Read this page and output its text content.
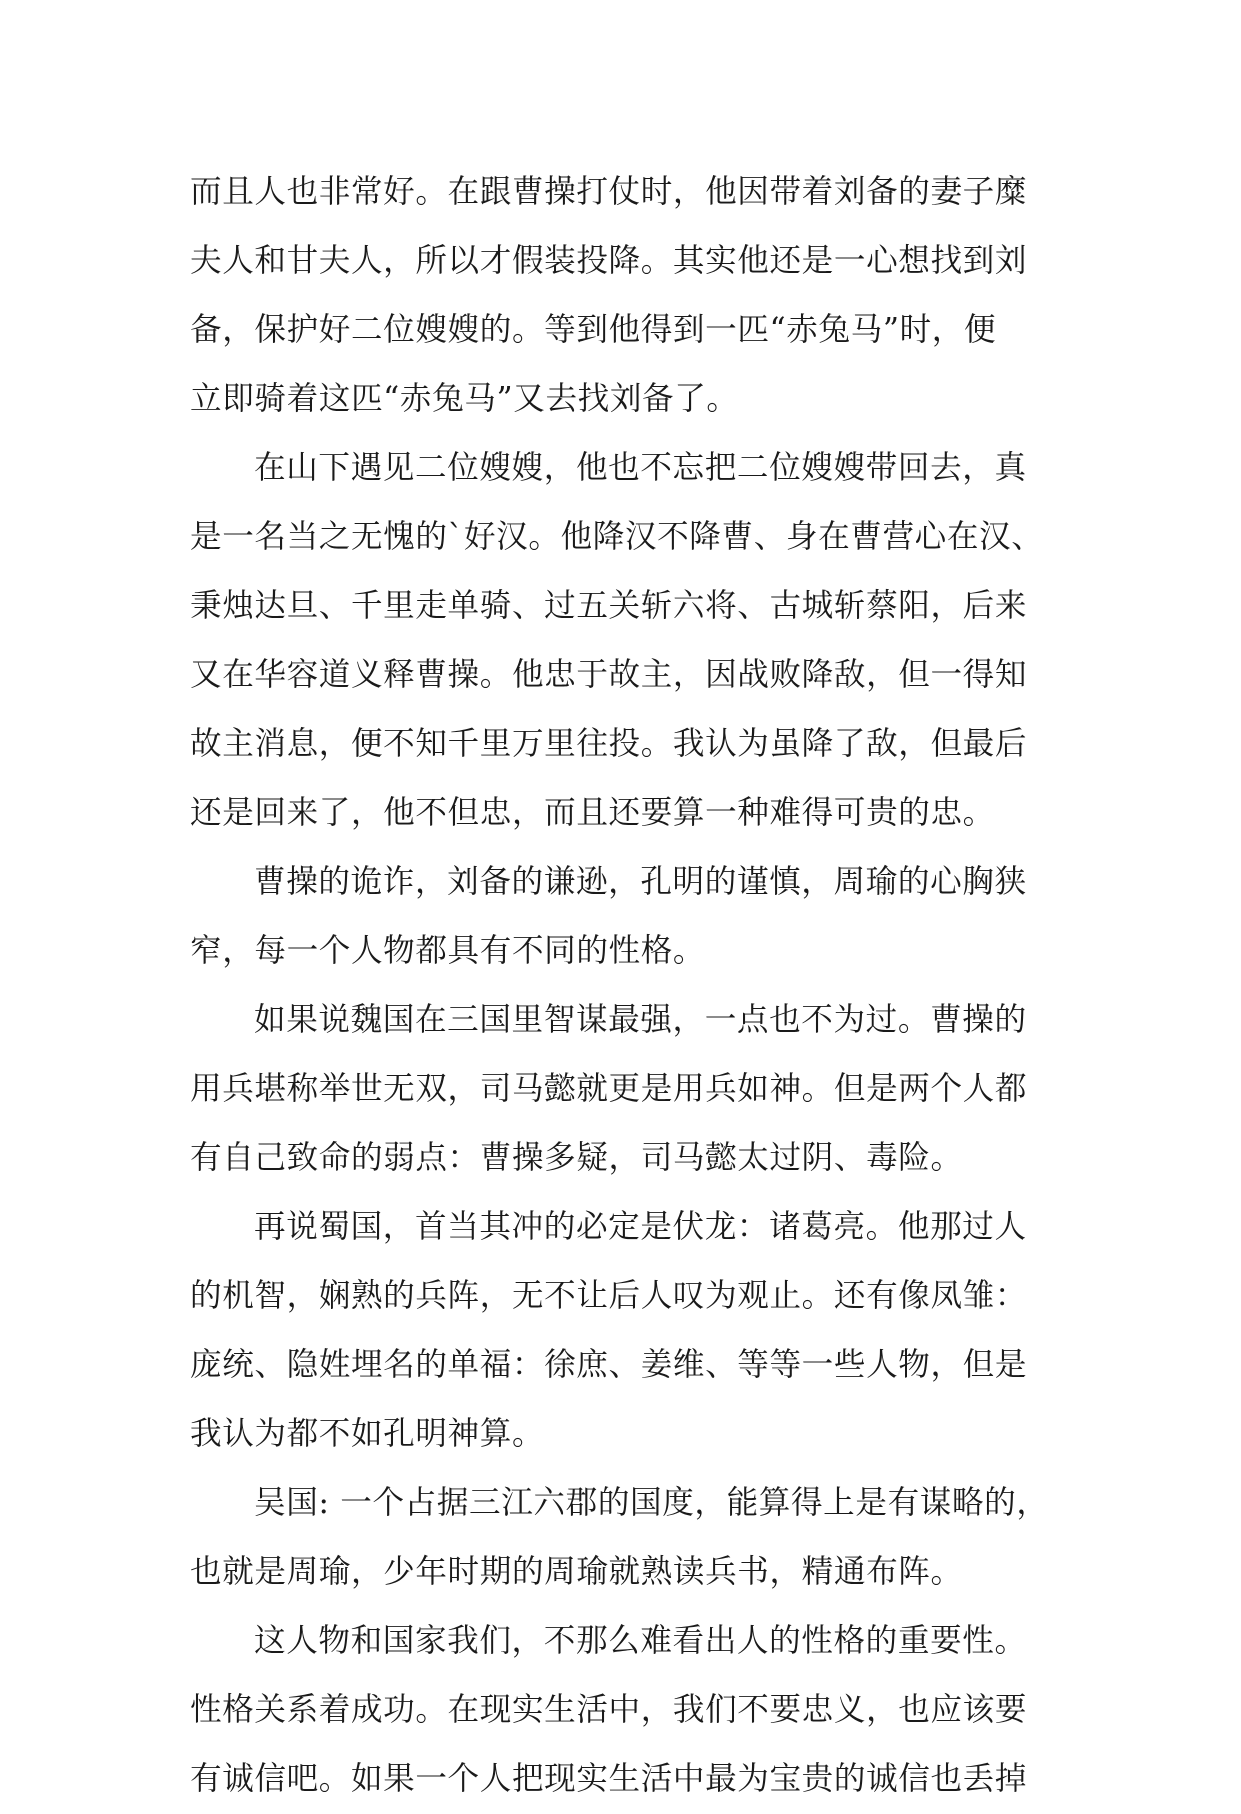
而且人也非常好。在跟曹操打仗时，他因带着刘备的妻子糜
夫人和甘夫人，所以才假装投降。其实他还是一心想找到刘
备，保护好二位嫂嫂的。等到他得到一匹“赤兔马”时，便
立即骑着这匹“赤兔马”又去找刘备了。
在山下遇见二位嫂嫂，他也不忘把二位嫂嫂带回去，真
是一名当之无愧的`好汉。他降汉不降曹、身在曹营心在汉、
秉烛达旦、千里走单骑、过五关斩六将、古城斩蔡阳，后来
又在华容道义释曹操。他忠于故主，因战败降敌，但一得知
故主消息，便不知千里万里往投。我认为虽降了敌，但最后
还是回来了，他不但忠，而且还要算一种难得可贵的忠。
曹操的诡诈，刘备的谦逊，孔明的谨慎，周瑜的心胸狭
窄，每一个人物都具有不同的性格。
如果说魏国在三国里智谋最强，一点也不为过。曹操的
用兵堪称举世无双，司马懿就更是用兵如神。但是两个人都
有自己致命的弱点：曹操多疑，司马懿太过阴、毒险。
再说蜀国，首当其冲的必定是伏龙：诸葛亮。他那过人
的机智，娴熟的兵阵，无不让后人叹为观止。还有像凤雏：
庞统、隐姓埋名的单福：徐庶、姜维、等等一些人物，但是
我认为都不如孔明神算。
吴国: 一个占据三江六郡的国度，能算得上是有谋略的，
也就是周瑜，少年时期的周瑜就熟读兵书，精通布阵。
这人物和国家我们，不那么难看出人的性格的重要性。
性格关系着成功。在现实生活中，我们不要忠义，也应该要
有诚信吧。如果一个人把现实生活中最为宝贵的诚信也丢掉
